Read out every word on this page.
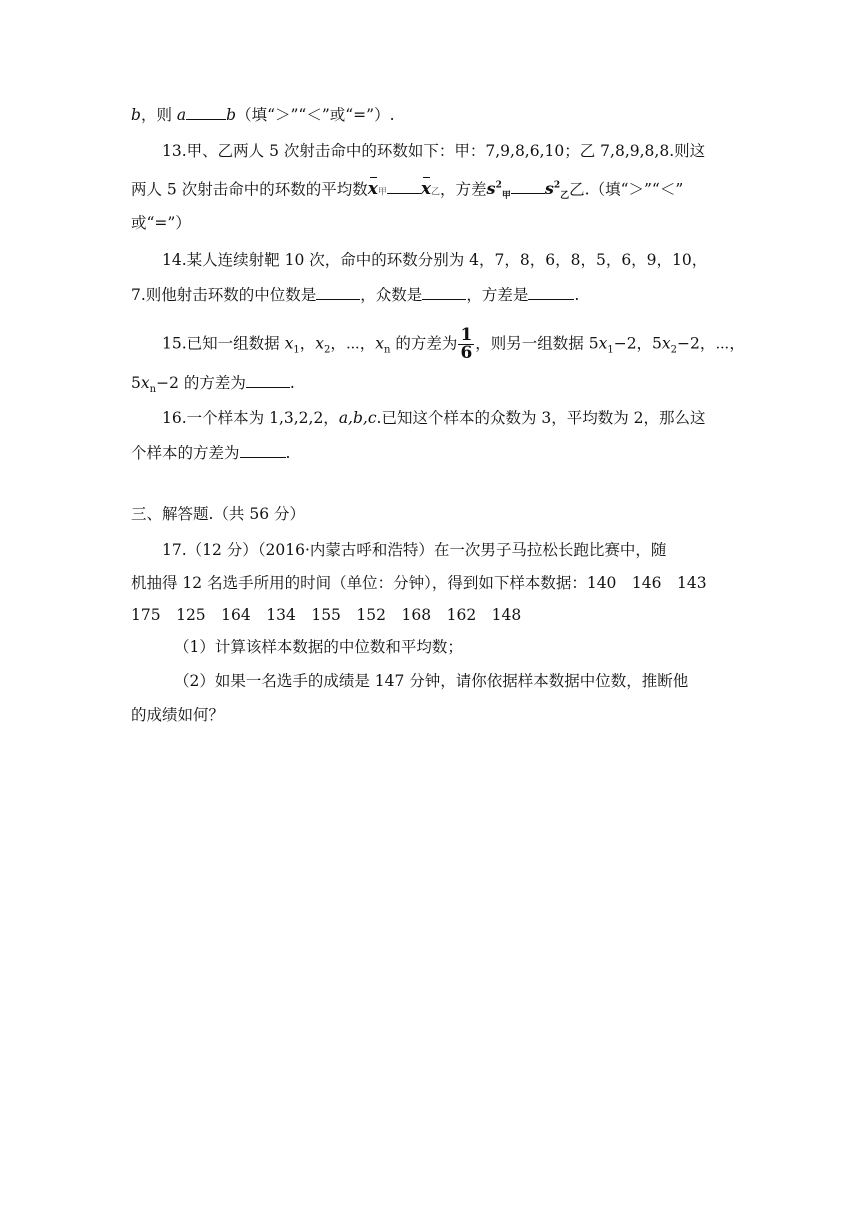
b，则 a	b（填“＞”“＜”或“=”）.
13.甲、乙两人 5 次射击命中的环数如下：甲：7,9,8,6,10；乙 7,8,9,8,8.则这
两人 5 次射击命中的环数的平均数x甲 x乙，方差$s^2_甲$ $s^2_乙$乙.（填“＞”“＜”
或“=”）
14.某人连续射靶 10 次，命中的环数分别为 4，7，8，6，8，5，6，9，10，
7.则他射击环数的中位数是	，众数是	，方差是	.
15.已知一组数据 $x_1$，$x_2$，⋯，$x_n$ 的方差为 $\frac{1}{6}$ ，则另一组数据 $5x_1-2$，$5x_2-2$，⋯，
$5x_n-2$ 的方差为	.
16.一个样本为 1,3,2,2，a,b,c.已知这个样本的众数为 3，平均数为 2，那么这
个样本的方差为	.
三、解答题.（共 56 分）
17.（12 分）（2016·内蒙古呼和浩特）在一次男子马拉松长跑比赛中，随
机抽得 12 名选手所用的时间（单位：分钟），得到如下样本数据：140　146　143
175　125　164　134　155　152　168　162　148
（1）计算该样本数据的中位数和平均数；
（2）如果一名选手的成绩是 147 分钟，请你依据样本数据中位数，推断他
的成绩如何？
